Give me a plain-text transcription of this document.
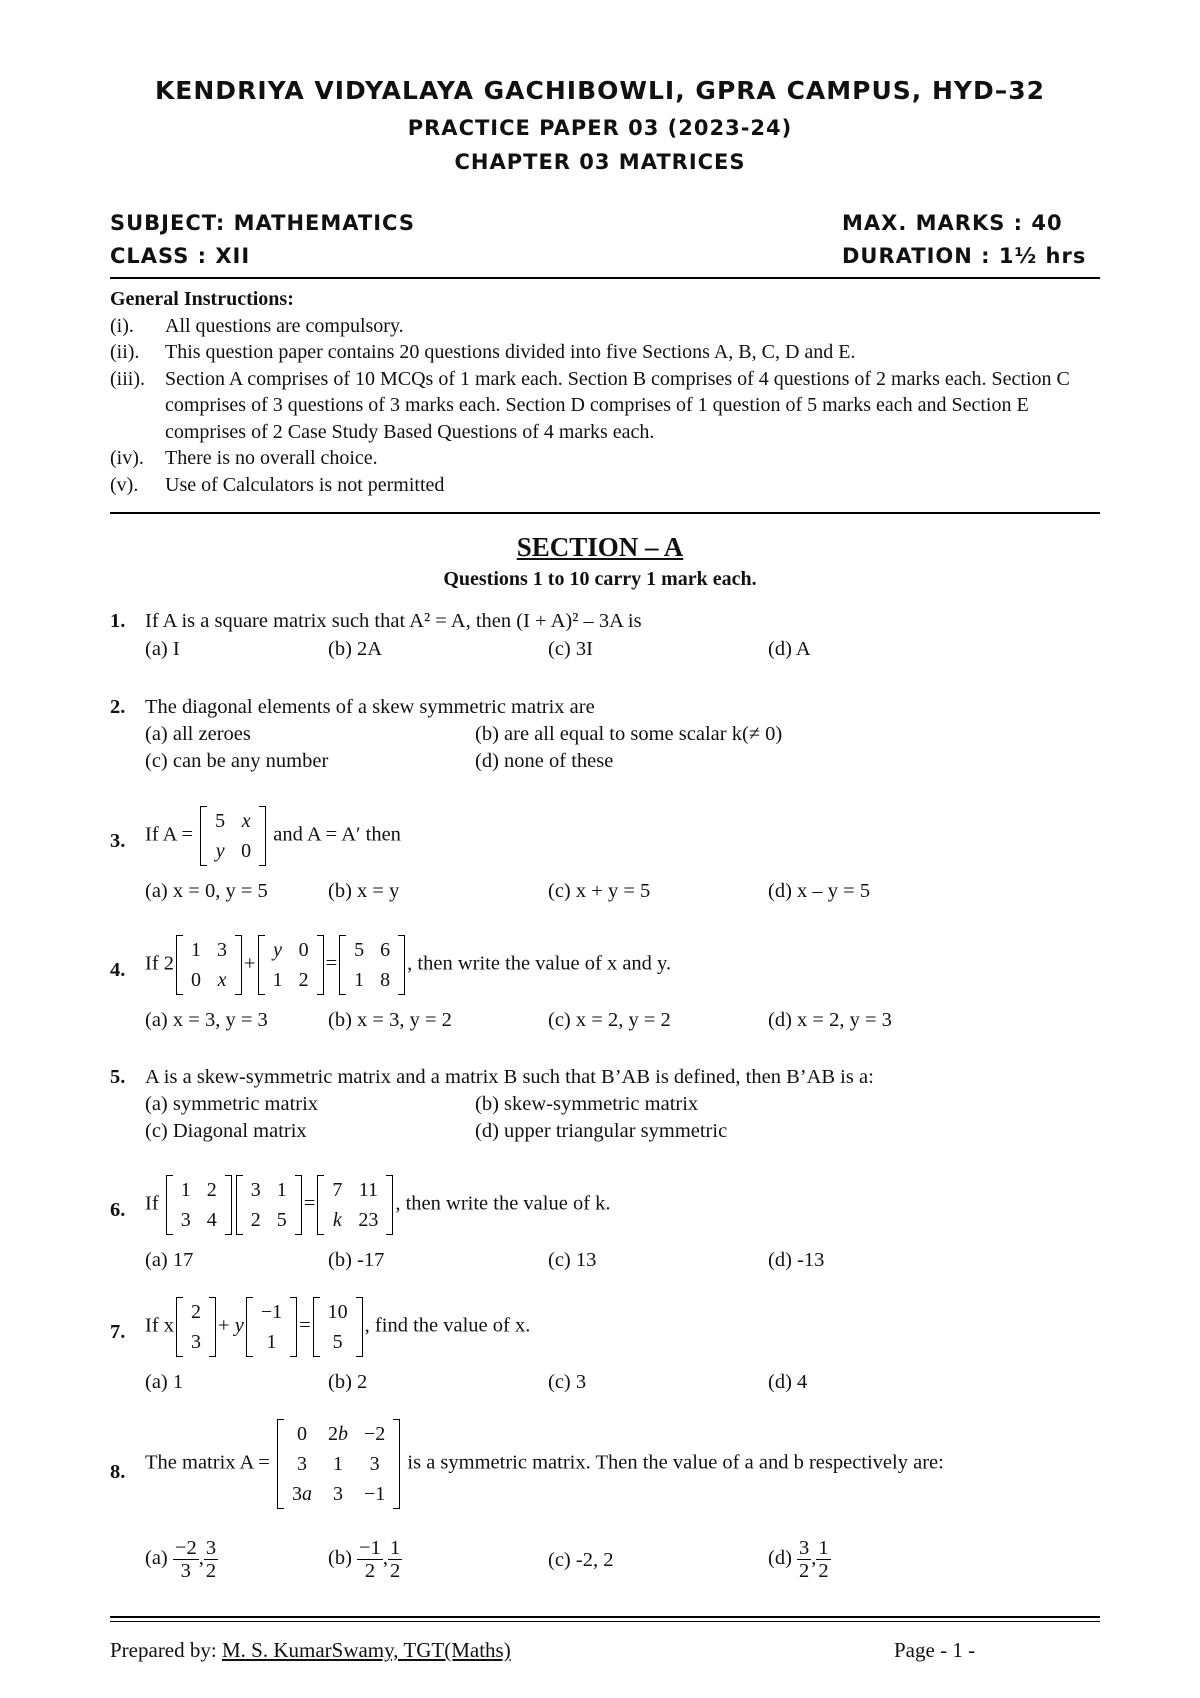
KENDRIYA VIDYALAYA GACHIBOWLI, GPRA CAMPUS, HYD–32
PRACTICE PAPER 03 (2023-24)
CHAPTER 03 MATRICES
SUBJECT: MATHEMATICS	MAX. MARKS : 40
CLASS : XII	DURATION : 1½ hrs
General Instructions:
(i).	All questions are compulsory.
(ii).	This question paper contains 20 questions divided into five Sections A, B, C, D and E.
(iii).	Section A comprises of 10 MCQs of 1 mark each. Section B comprises of 4 questions of 2 marks each. Section C comprises of 3 questions of 3 marks each. Section D comprises of 1 question of 5 marks each and Section E comprises of 2 Case Study Based Questions of 4 marks each.
(iv).	There is no overall choice.
(v).	Use of Calculators is not permitted
SECTION – A
Questions 1 to 10 carry 1 mark each.
1. If A is a square matrix such that A² = A, then (I + A)² – 3A is
(a) I	(b) 2A	(c) 3I	(d) A
2. The diagonal elements of a skew symmetric matrix are
(a) all zeroes	(b) are all equal to some scalar k(≠ 0)
(c) can be any number	(d) none of these
3. If A =
5	x
y	0
and A = A′ then
(a) x = 0, y = 5	(b) x = y	(c) x + y = 5	(d) x – y = 5
4. If 2
1	3
0	x
+
y	0
1	2
=
5	6
1	8
, then write the value of x and y.
(a) x = 3, y = 3	(b) x = 3, y = 2	(c) x = 2, y = 2	(d) x = 2, y = 3
5. A is a skew-symmetric matrix and a matrix B such that B’AB is defined, then B’AB is a:
(a) symmetric matrix	(b) skew-symmetric matrix
(c) Diagonal matrix	(d) upper triangular symmetric
6. If
1	2
3	4
3	1
2	5
=
7	11
k	23
, then write the value of k.
(a) 17	(b) -17	(c) 13	(d) -13
7. If x
2
3
+ y
−1
1
=
10
5
, find the value of x.
(a) 1	(b) 2	(c) 3	(d) 4
8. The matrix A =
0	2b	−2
3	1	3
3a	3	−1
is a symmetric matrix. Then the value of a and b respectively are:
$(a) \frac{-2}{3}$ , $\frac{3}{2}$	$(b) \frac{-1}{2}$ , $\frac{1}{2}$	(c) -2, 2	$(d) \frac{3}{2}$ , $\frac{1}{2}$
Prepared by: M. S. KumarSwamy, TGT(Maths)	Page - 1 -
